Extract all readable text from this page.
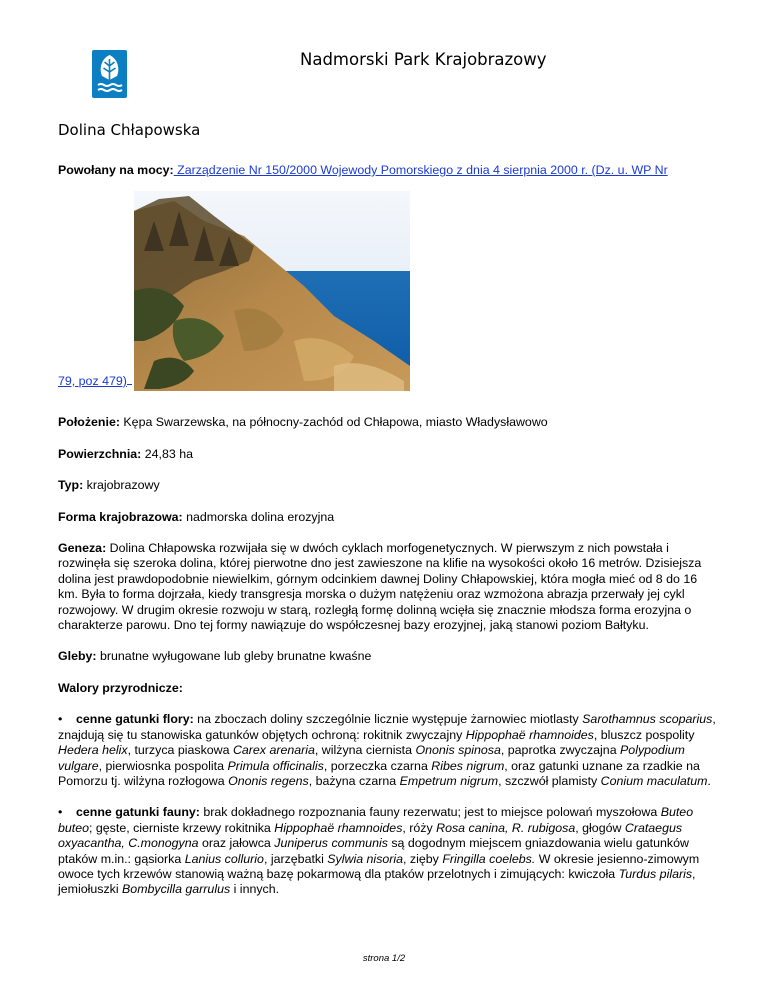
Nadmorski Park Krajobrazowy
Dolina Chłapowska

Powołany na mocy: Zarządzenie Nr 150/2000 Wojewody Pomorskiego z dnia 4 sierpnia 2000 r. (Dz. u. WP Nr

79, poz 479)

Położenie: Kępa Swarzewska, na północny-zachód od Chłapowa, miasto Władysławowo

Powierzchnia: 24,83 ha

Typ: krajobrazowy

Forma krajobrazowa: nadmorska dolina erozyjna

Geneza: Dolina Chłapowska rozwijała się w dwóch cyklach morfogenetycznych. W pierwszym z nich powstała i rozwinęła się szeroka dolina, której pierwotne dno jest zawieszone na klifie na wysokości około 16 metrów. Dzisiejsza dolina jest prawdopodobnie niewielkim, górnym odcinkiem dawnej Doliny Chłapowskiej, która mogła mieć od 8 do 16 km. Była to forma dojrzała, kiedy transgresja morska o dużym natężeniu oraz wzmożona abrazja przerwały jej cykl rozwojowy. W drugim okresie rozwoju w starą, rozległą formę dolinną wcięła się znacznie młodsza forma erozyjna o charakterze parowu. Dno tej formy nawiązuje do współczesnej bazy erozyjnej, jaką stanowi poziom Bałtyku.

Gleby: brunatne wyługowane lub gleby brunatne kwaśne

Walory przyrodnicze:

• cenne gatunki flory: na zboczach doliny szczególnie licznie występuje żarnowiec miotlasty Sarothamnus scoparius, znajdują się tu stanowiska gatunków objętych ochroną: rokitnik zwyczajny Hippophaë rhamnoides, bluszcz pospolity Hedera helix, turzyca piaskowa Carex arenaria, wilżyna ciernista Ononis spinosa, paprotka zwyczajna Polypodium vulgare, pierwiosnka pospolita Primula officinalis, porzeczka czarna Ribes nigrum, oraz gatunki uznane za rzadkie na Pomorzu tj. wilżyna rozłogowa Ononis regens, bażyna czarna Empetrum nigrum, szczwół plamisty Conium maculatum.

• cenne gatunki fauny: brak dokładnego rozpoznania fauny rezerwatu; jest to miejsce polowań myszołowa Buteo buteo; gęste, cierniste krzewy rokitnika Hippophaë rhamnoides, róży Rosa canina, R. rubigosa, głogów Crataegus oxyacantha, C.monogyna oraz jałowca Juniperus communis są dogodnym miejscem gniazdowania wielu gatunków ptaków m.in.: gąsiorka Lanius collurio, jarzębatki Sylwia nisoria, zięby Fringilla coelebs. W okresie jesienno-zimowym owoce tych krzewów stanowią ważną bazę pokarmową dla ptaków przelotnych i zimujących: kwiczoła Turdus pilaris, jemiołuszki Bombycilla garrulus i innych.

strona 1/2
